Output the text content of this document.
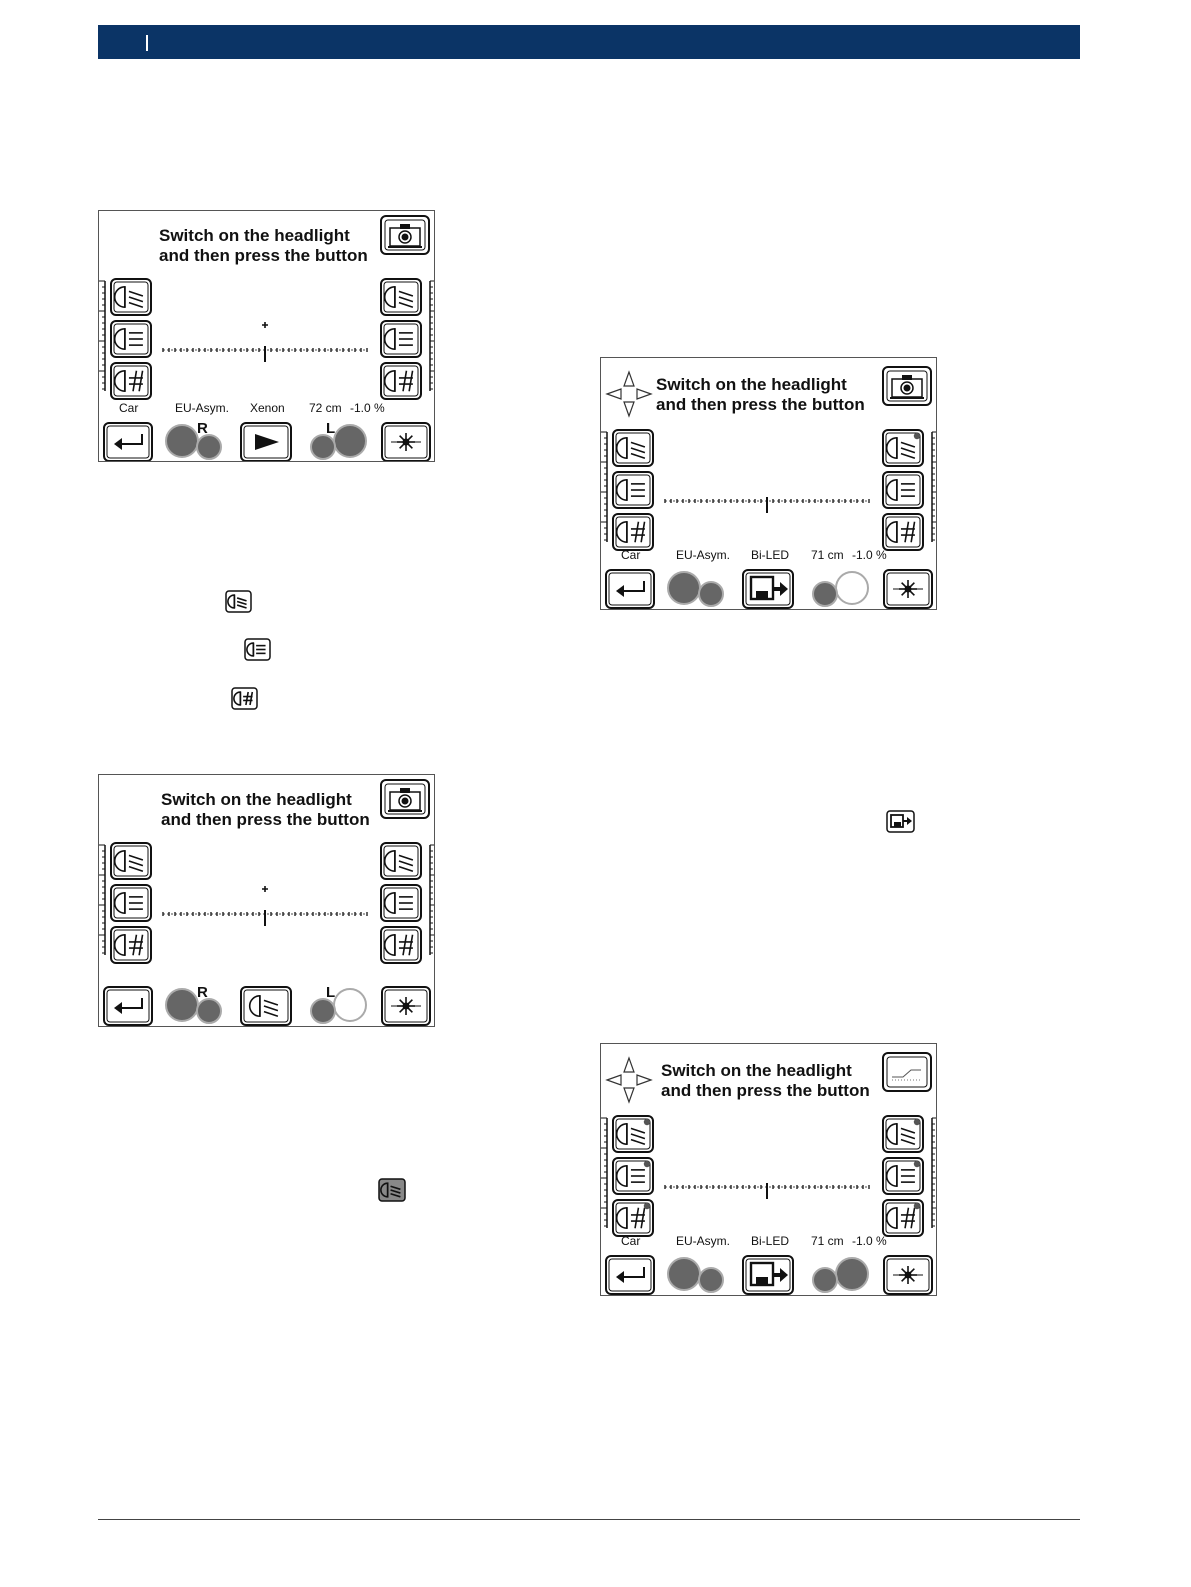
Switch on the headlight
and then press the button
Car	EU-Asym. Xenon 72 cm -1.0 %
R	L
Switch on the headlight
and then press the button
R	L
Switch on the headlight
and then press the button
Car	EU-Asym. Bi-LED 71 cm -1.0 %
Switch on the headlight
and then press the button
Car	EU-Asym. Bi-LED 71 cm -1.0 %
